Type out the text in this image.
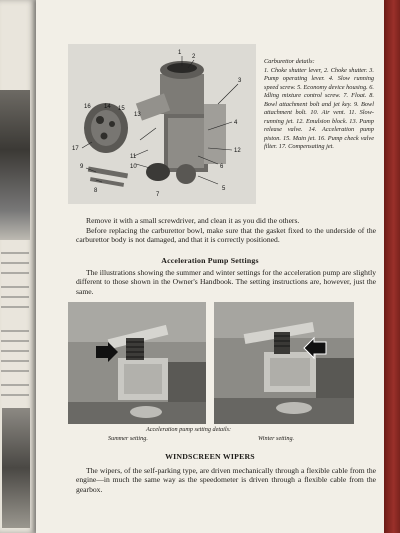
1
2
3
4
5
6
7
8
9	10
11
12
13
14 15
16
17
Carburettor details:
1. Choke shutter lever, 2. Choke shutter. 3. Pump operating lever. 4. Slow running speed screw. 5. Economy device housing. 6. Idling mixture control screw. 7. Float. 8. Bowl attachment bolt and jet key. 9. Bowl attachment bolt. 10. Air vent. 11. Slow-running jet. 12. Emulsion block. 13. Pump release valve. 14. Acceleration pump piston. 15. Main jet. 16. Pump check valve filter. 17. Compensating jet.
Remove it with a small screwdriver, and clean it as you did the others.
Before replacing the carburettor bowl, make sure that the gasket fixed to the underside of the carburettor body is not damaged, and that it is correctly positioned.
Acceleration Pump Settings
The illustrations showing the summer and winter settings for the acceleration pump are slightly different to those shown in the Owner's Handbook. The setting instructions are, however, just the same.
Acceleration pump setting details:
Summer setting.	Winter setting.
WINDSCREEN WIPERS
The wipers, of the self-parking type, are driven mechanically through a flexible cable from the engine—in much the same way as the speedometer is driven through a flexible cable from the gearbox.
